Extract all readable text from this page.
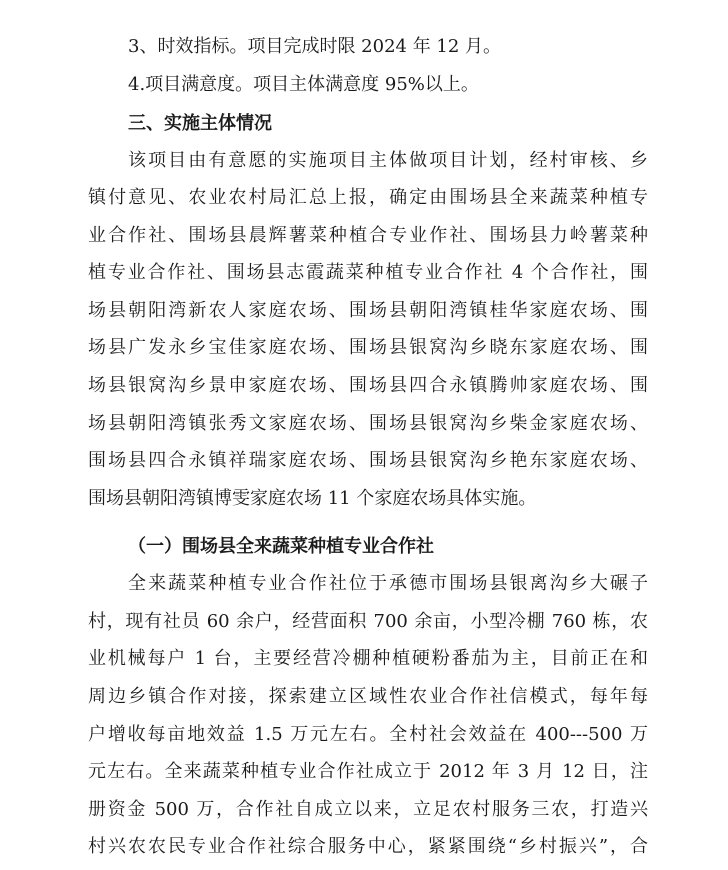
3、时效指标。项目完成时限 2024 年 12 月。
4.项目满意度。项目主体满意度 95%以上。
三、实施主体情况
该项目由有意愿的实施项目主体做项目计划，经村审核、乡
镇付意见、农业农村局汇总上报，确定由围场县全来蔬菜种植专
业合作社、围场县晨辉薯菜种植合专业作社、围场县力岭薯菜种
植专业合作社、围场县志霞蔬菜种植专业合作社 4 个合作社，围
场县朝阳湾新农人家庭农场、围场县朝阳湾镇桂华家庭农场、围
场县广发永乡宝佳家庭农场、围场县银窝沟乡晓东家庭农场、围
场县银窝沟乡景申家庭农场、围场县四合永镇腾帅家庭农场、围
场县朝阳湾镇张秀文家庭农场、围场县银窝沟乡柴金家庭农场、
围场县四合永镇祥瑞家庭农场、围场县银窝沟乡艳东家庭农场、
围场县朝阳湾镇博雯家庭农场 11 个家庭农场具体实施。
（一）围场县全来蔬菜种植专业合作社
全来蔬菜种植专业合作社位于承德市围场县银离沟乡大碾子
村，现有社员 60 余户，经营面积 700 余亩，小型冷棚 760 栋，农
业机械每户 1 台，主要经营冷棚种植硬粉番茄为主，目前正在和
周边乡镇合作对接，探索建立区域性农业合作社信模式，每年每
户增收每亩地效益 1.5 万元左右。全村社会效益在 400---500 万
元左右。全来蔬菜种植专业合作社成立于 2012 年 3 月 12 日，注
册资金 500 万，合作社自成立以来，立足农村服务三农，打造兴
村兴农农民专业合作社综合服务中心，紧紧围绕“乡村振兴”，合
